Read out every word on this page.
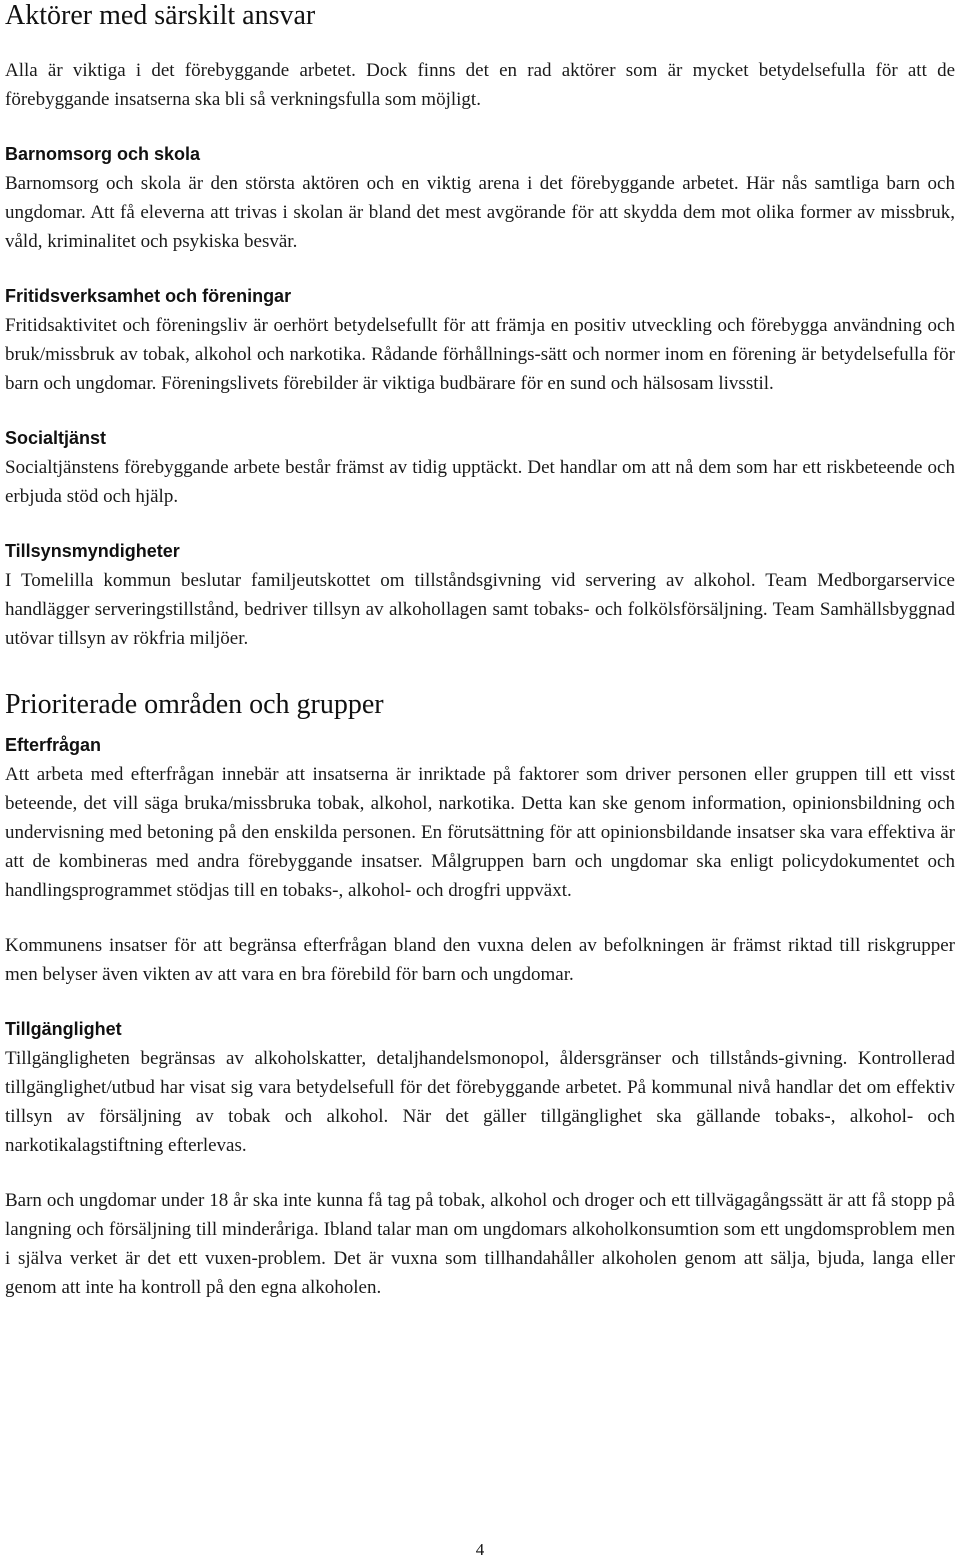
Aktörer med särskilt ansvar

Alla är viktiga i det förebyggande arbetet. Dock finns det en rad aktörer som är mycket betydelsefulla för att de förebyggande insatserna ska bli så verkningsfulla som möjligt.

Barnomsorg och skola

Barnomsorg och skola är den största aktören och en viktig arena i det förebyggande arbetet. Här nås samtliga barn och ungdomar. Att få eleverna att trivas i skolan är bland det mest avgörande för att skydda dem mot olika former av missbruk, våld, kriminalitet och psykiska besvär.

Fritidsverksamhet och föreningar

Fritidsaktivitet och föreningsliv är oerhört betydelsefullt för att främja en positiv utveckling och förebygga användning och bruk/missbruk av tobak, alkohol och narkotika. Rådande förhållnings-sätt och normer inom en förening är betydelsefulla för barn och ungdomar. Föreningslivets förebilder är viktiga budbärare för en sund och hälsosam livsstil.

Socialtjänst

Socialtjänstens förebyggande arbete består främst av tidig upptäckt. Det handlar om att nå dem som har ett riskbeteende och erbjuda stöd och hjälp.

Tillsynsmyndigheter

I Tomelilla kommun beslutar familjeutskottet om tillståndsgivning vid servering av alkohol. Team Medborgarservice handlägger serveringstillstånd, bedriver tillsyn av alkohollagen samt tobaks- och folkölsförsäljning. Team Samhällsbyggnad utövar tillsyn av rökfria miljöer.

Prioriterade områden och grupper
Efterfrågan

Att arbeta med efterfrågan innebär att insatserna är inriktade på faktorer som driver personen eller gruppen till ett visst beteende, det vill säga bruka/missbruka tobak, alkohol, narkotika. Detta kan ske genom information, opinionsbildning och undervisning med betoning på den enskilda personen. En förutsättning för att opinionsbildande insatser ska vara effektiva är att de kombineras med andra förebyggande insatser. Målgruppen barn och ungdomar ska enligt policydokumentet och handlingsprogrammet stödjas till en tobaks-, alkohol- och drogfri uppväxt.

Kommunens insatser för att begränsa efterfrågan bland den vuxna delen av befolkningen är främst riktad till riskgrupper men belyser även vikten av att vara en bra förebild för barn och ungdomar.

Tillgänglighet

Tillgängligheten begränsas av alkoholskatter, detaljhandelsmonopol, åldersgränser och tillstånds-givning. Kontrollerad tillgänglighet/utbud har visat sig vara betydelsefull för det förebyggande arbetet. På kommunal nivå handlar det om effektiv tillsyn av försäljning av tobak och alkohol. När det gäller tillgänglighet ska gällande tobaks-, alkohol- och narkotikalagstiftning efterlevas.

Barn och ungdomar under 18 år ska inte kunna få tag på tobak, alkohol och droger och ett tillvägagångssätt är att få stopp på langning och försäljning till minderåriga. Ibland talar man om ungdomars alkoholkonsumtion som ett ungdomsproblem men i själva verket är det ett vuxen-problem. Det är vuxna som tillhandahåller alkoholen genom att sälja, bjuda, langa eller genom att inte ha kontroll på den egna alkoholen.

4
